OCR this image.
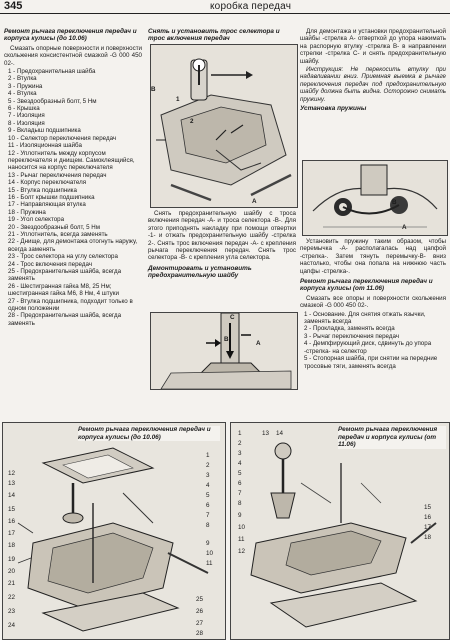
345	коробка передач
Ремонт рычага переключения передач и корпуса кулисы (до 10.06)

Смазать опорные поверхности и поверхности скольжения консистентной смазкой -G 000 450 02-.

1 - Предохранительная шайба
2 - Втулка
3 - Пружина
4 - Втулка
5 - Звездообразный болт, 5 Нм
6 - Крышка
7 - Изоляция
8 - Изоляция
9 - Вкладыш подшипника
10 - Селектор переключения передач
11 - Изоляционная шайба
12 - Уплотнитель между корпусом переключателя и днищем. Самоклеящийся, наносится на корпус переключателя
13 - Рычаг переключения передач
14 - Корпус переключателя
15 - Втулка подшипника
16 - Болт крышки подшипника
17 - Направляющая втулка
18 - Пружина
19 - Угол селектора
20 - Звездообразный болт, 5 Нм
21 - Уплотнитель, всегда заменять
22 - Днище, для демонтажа отогнуть наружу, всегда заменять
23 - Трос селектора на углу селектора
24 - Трос включения передач
25 - Предохранительная шайба, всегда заменять
26 - Шестигранная гайка М8, 25 Нм; шестигранная гайка М6, 8 Нм, 4 штуки
27 - Втулка подшипника, подходит только в одном положении
28 - Предохранительная шайба, всегда заменять
Снять и установить трос селектора и трос включения передач
B
A
1
2

Снять предохранительную шайбу с троса включения передач -А- и троса селектора -В-. Для этого приподнять накладку при помощи отвертки -1- и отжать предохранительную шайбу -стрелка 2-. Снять трос включения передач -А- с крепления рычага переключения передач. Снять трос селектора -В- с крепления угла селектора.

Демонтировать и установить предохранительную шайбу
C
B
A

Для демонтажа и установки предохранительной шайбы -стрелка А- отверткой до упора нажимать на распорную втулку -стрелка В- в направлении стрелки -стрелка С- и снять предохранительную шайбу.

Инструкция: Не перекосить втулку при надавливании вниз. Приемная выемка в рычаге переключения передач под предохранительную шайбу должна быть видна. Осторожно снимать пружину.

Установка пружины
B
A

Установить пружину таким образом, чтобы перемычка -А- располагалась над цапфой -стрелка-. Затем тянуть перемычку-В- вниз настолько, чтобы она попала на нижнюю часть цапфы -стрелка-.

Ремонт рычага переключения передач и корпуса кулисы (от 11.06)

Смазать все опоры и поверхности скольжения смазкой -G 000 450 02-.

1 - Основание. Для снятия отжать язычки, заменять всегда
2 - Прокладка, заменять всегда
3 - Рычаг переключения передач
4 - Демпфирующий диск, сдвинуть до упора -стрелка- на селектор
5 - Стопорная шайба, при снятии на передние тросовые тяги, заменять всегда
Ремонт рычага переключения передач и корпуса кулисы (до 10.06)
1
2
3
4
5
6
7
8
9
10
11
12
13
14
15
16
17
18
19
20
21
22
23
24
25
26
27
28
Ремонт рычага переключения передач и корпуса кулисы (от 11.06)
1
2
3
4
5
6
7
8
9
10
11
12
13 14
15
16
17
18
